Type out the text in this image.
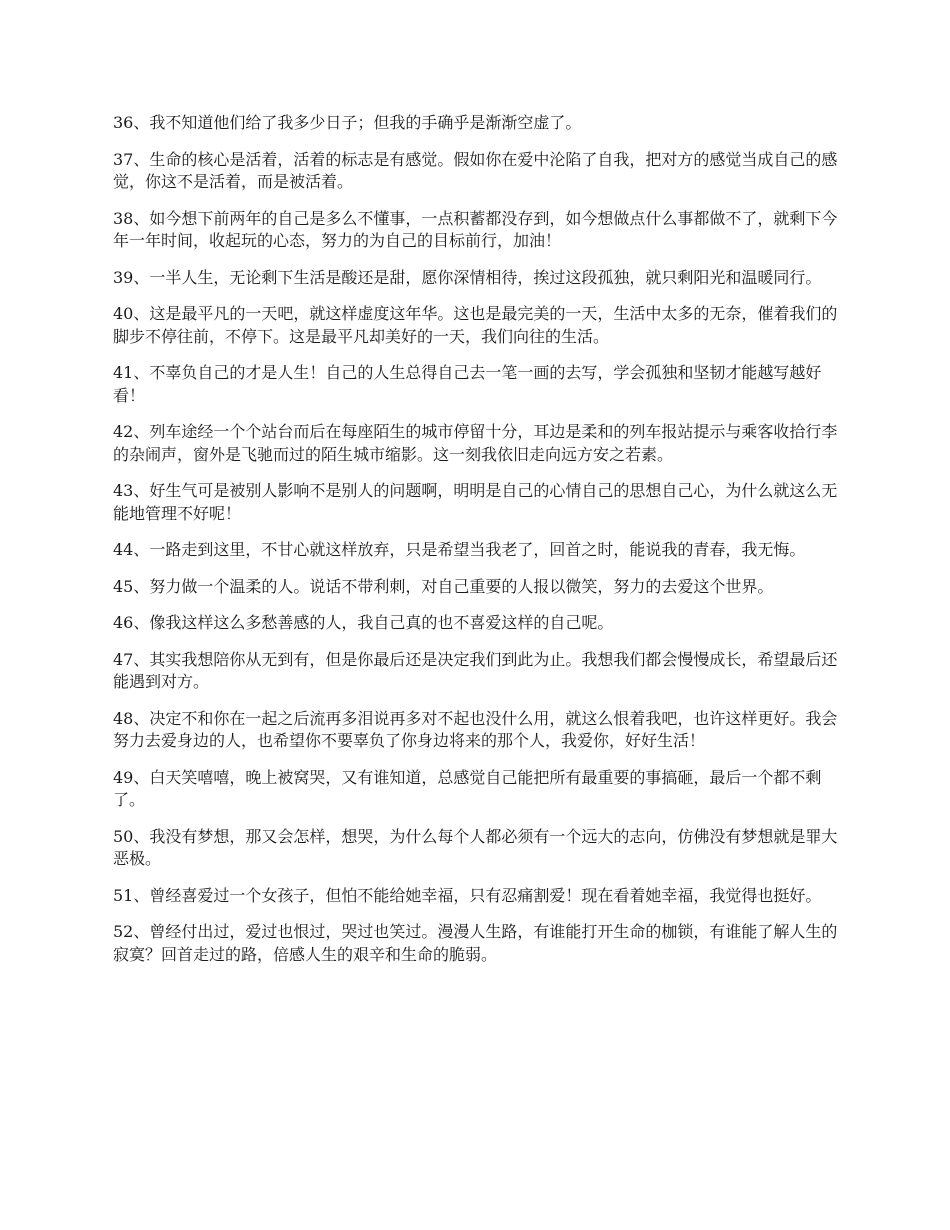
36、我不知道他们给了我多少日子；但我的手确乎是渐渐空虚了。

37、生命的核心是活着，活着的标志是有感觉。假如你在爱中沦陷了自我，把对方的感觉当成自己的感觉，你这不是活着，而是被活着。

38、如今想下前两年的自己是多么不懂事，一点积蓄都没存到，如今想做点什么事都做不了，就剩下今年一年时间，收起玩的心态，努力的为自己的目标前行，加油！

39、一半人生，无论剩下生活是酸还是甜，愿你深情相待，挨过这段孤独，就只剩阳光和温暖同行。

40、这是最平凡的一天吧，就这样虚度这年华。这也是最完美的一天，生活中太多的无奈，催着我们的脚步不停往前，不停下。这是最平凡却美好的一天，我们向往的生活。

41、不辜负自己的才是人生！自己的人生总得自己去一笔一画的去写，学会孤独和坚韧才能越写越好看！

42、列车途经一个个站台而后在每座陌生的城市停留十分，耳边是柔和的列车报站提示与乘客收拾行李的杂闹声，窗外是飞驰而过的陌生城市缩影。这一刻我依旧走向远方安之若素。

43、好生气可是被别人影响不是别人的问题啊，明明是自己的心情自己的思想自己心，为什么就这么无能地管理不好呢！

44、一路走到这里，不甘心就这样放弃，只是希望当我老了，回首之时，能说我的青春，我无悔。

45、努力做一个温柔的人。说话不带利刺，对自己重要的人报以微笑，努力的去爱这个世界。

46、像我这样这么多愁善感的人，我自己真的也不喜爱这样的自己呢。

47、其实我想陪你从无到有，但是你最后还是决定我们到此为止。我想我们都会慢慢成长，希望最后还能遇到对方。

48、决定不和你在一起之后流再多泪说再多对不起也没什么用，就这么恨着我吧，也许这样更好。我会努力去爱身边的人，也希望你不要辜负了你身边将来的那个人，我爱你，好好生活！

49、白天笑嘻嘻，晚上被窝哭，又有谁知道，总感觉自己能把所有最重要的事搞砸，最后一个都不剩了。

50、我没有梦想，那又会怎样，想哭，为什么每个人都必须有一个远大的志向，仿佛没有梦想就是罪大恶极。

51、曾经喜爱过一个女孩子，但怕不能给她幸福，只有忍痛割爱！现在看着她幸福，我觉得也挺好。

52、曾经付出过，爱过也恨过，哭过也笑过。漫漫人生路，有谁能打开生命的枷锁，有谁能了解人生的寂寞？回首走过的路，倍感人生的艰辛和生命的脆弱。
